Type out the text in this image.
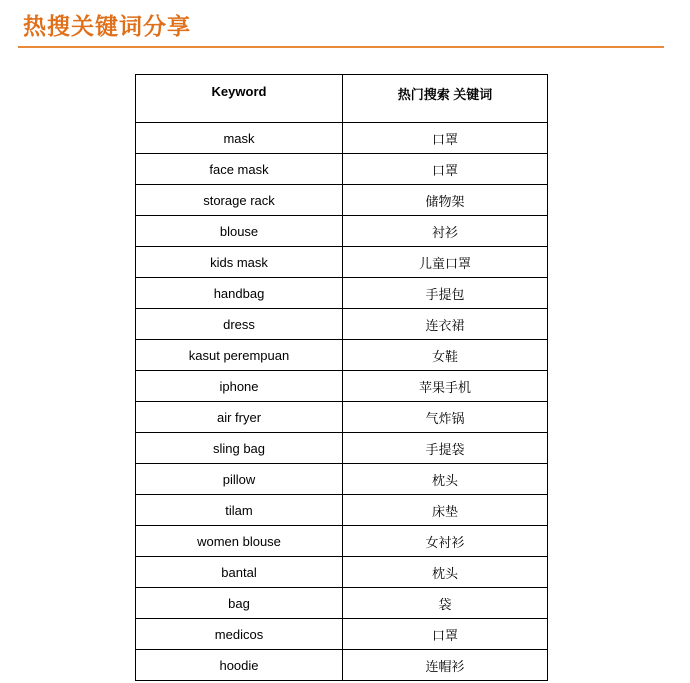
热搜关键词分享
Keyword	热门搜索 关键词
mask	口罩
face mask	口罩
storage rack	储物架
blouse	衬衫
kids mask	儿童口罩
handbag	手提包
dress	连衣裙
kasut perempuan	女鞋
iphone	苹果手机
air fryer	气炸锅
sling bag	手提袋
pillow	枕头
tilam	床垫
women blouse	女衬衫
bantal	枕头
bag	袋
medicos	口罩
hoodie	连帽衫
